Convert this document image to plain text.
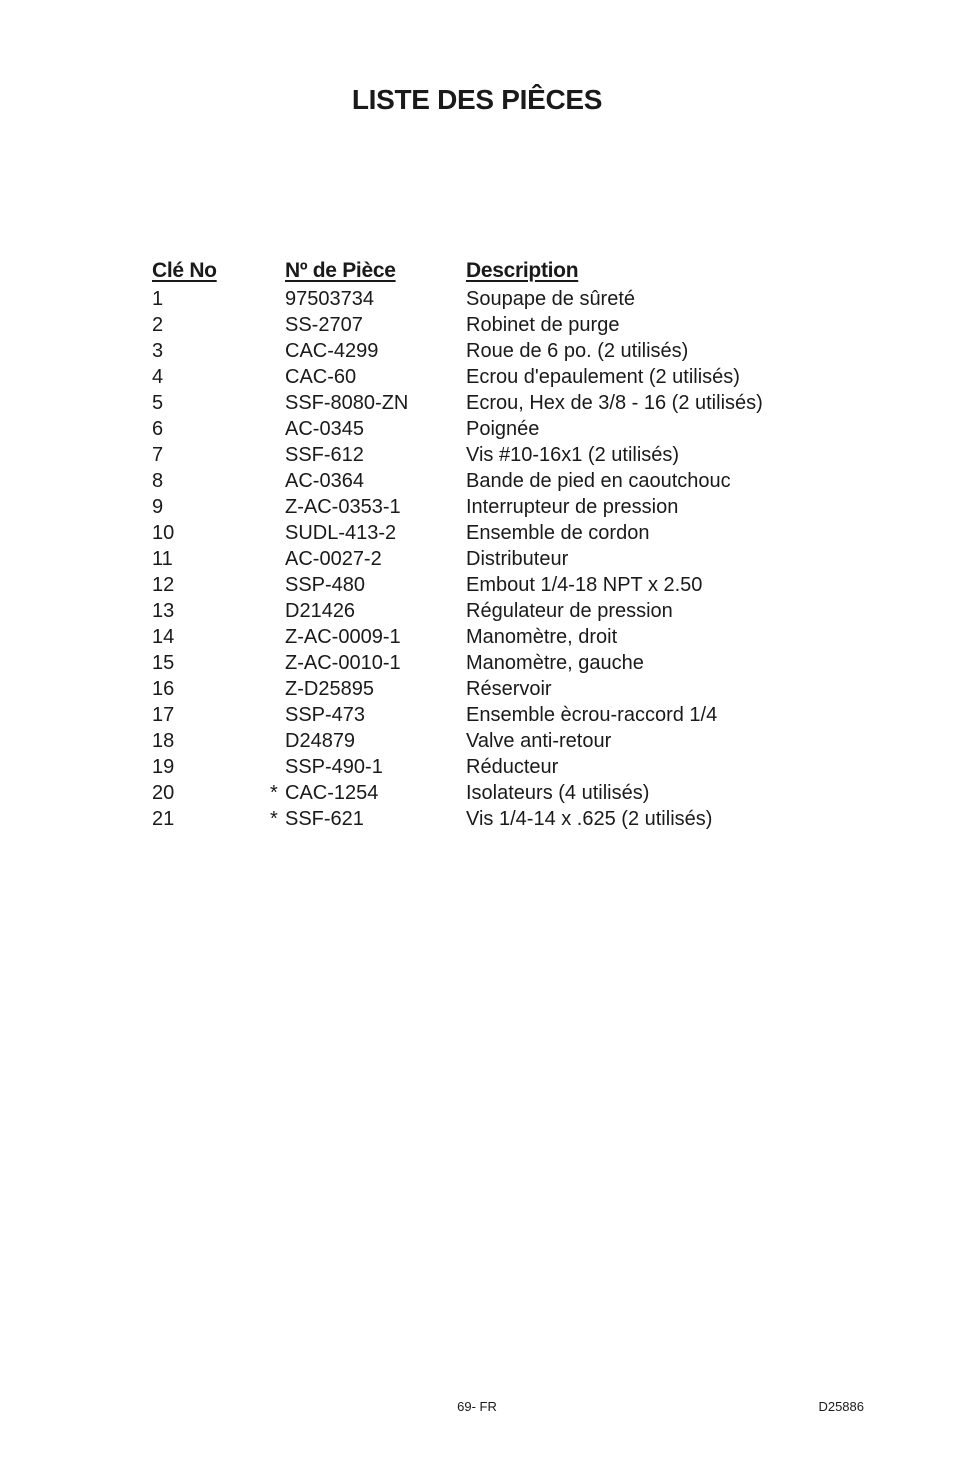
LISTE DES PIÊCES
Clé No	Nº de Pièce	Description
1	97503734	Soupape de sûreté
2	SS-2707	Robinet de purge
3	CAC-4299	Roue de 6 po. (2 utilisés)
4	CAC-60	Ecrou d'epaulement (2 utilisés)
5	SSF-8080-ZN	Ecrou, Hex de 3/8 - 16 (2 utilisés)
6	AC-0345	Poignée
7	SSF-612	Vis #10-16x1 (2 utilisés)
8	AC-0364	Bande de pied en caoutchouc
9	Z-AC-0353-1	Interrupteur de pression
10	SUDL-413-2	Ensemble de cordon
11	AC-0027-2	Distributeur
12	SSP-480	Embout 1/4-18 NPT x 2.50
13	D21426	Régulateur de pression
14	Z-AC-0009-1	Manomètre, droit
15	Z-AC-0010-1	Manomètre, gauche
16	Z-D25895	Réservoir
17	SSP-473	Ensemble ècrou-raccord 1/4
18	D24879	Valve anti-retour
19	SSP-490-1	Réducteur
20	* CAC-1254	Isolateurs (4 utilisés)
21	* SSF-621	Vis 1/4-14 x .625 (2 utilisés)
69- FR	D25886
